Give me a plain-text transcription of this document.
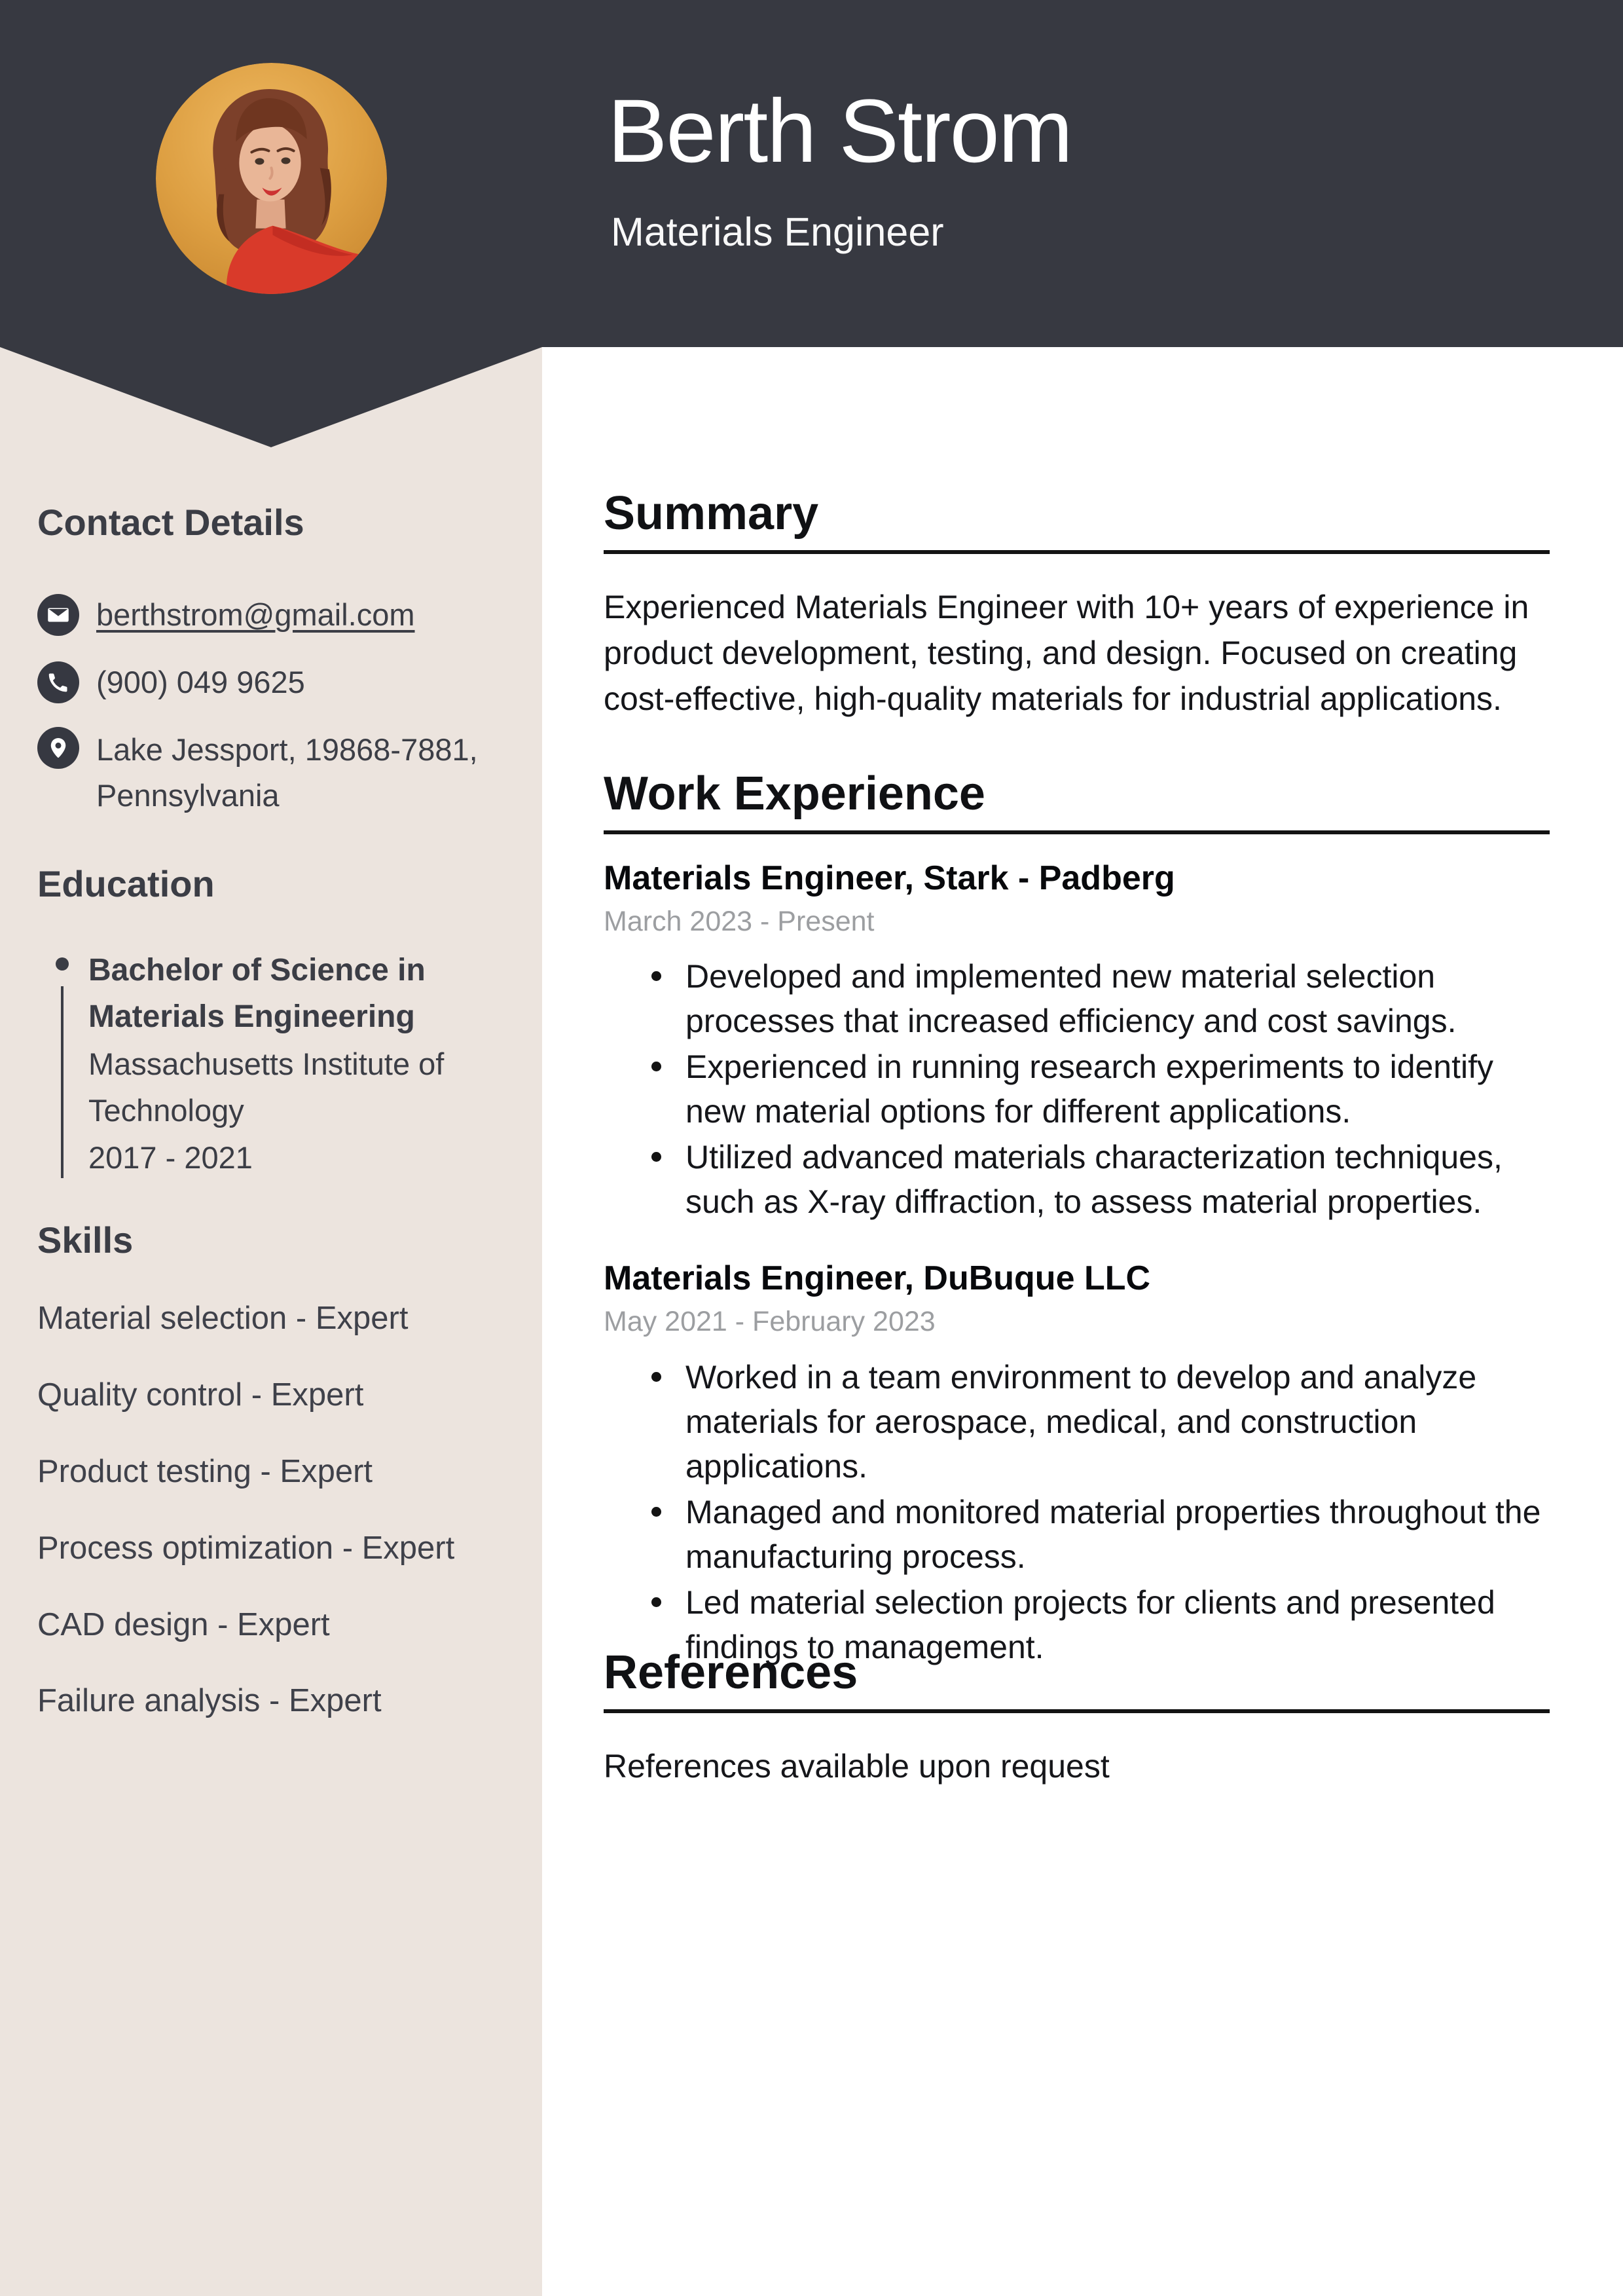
Berth Strom
Materials Engineer
Contact Details
berthstrom@gmail.com
(900) 049 9625
Lake Jessport, 19868-7881, Pennsylvania
Education
Bachelor of Science in Materials Engineering
Massachusetts Institute of Technology
2017 - 2021
Skills
Material selection - Expert
Quality control - Expert
Product testing - Expert
Process optimization - Expert
CAD design - Expert
Failure analysis - Expert
Summary

Experienced Materials Engineer with 10+ years of experience in product development, testing, and design. Focused on creating cost-effective, high-quality materials for industrial applications.

Work Experience
Materials Engineer, Stark - Padberg
March 2023 - Present
Developed and implemented new material selection processes that increased efficiency and cost savings.
Experienced in running research experiments to identify new material options for different applications.
Utilized advanced materials characterization techniques, such as X-ray diffraction, to assess material properties.
Materials Engineer, DuBuque LLC
May 2021 - February 2023
Worked in a team environment to develop and analyze materials for aerospace, medical, and construction applications.
Managed and monitored material properties throughout the manufacturing process.
Led material selection projects for clients and presented findings to management.
References

References available upon request
